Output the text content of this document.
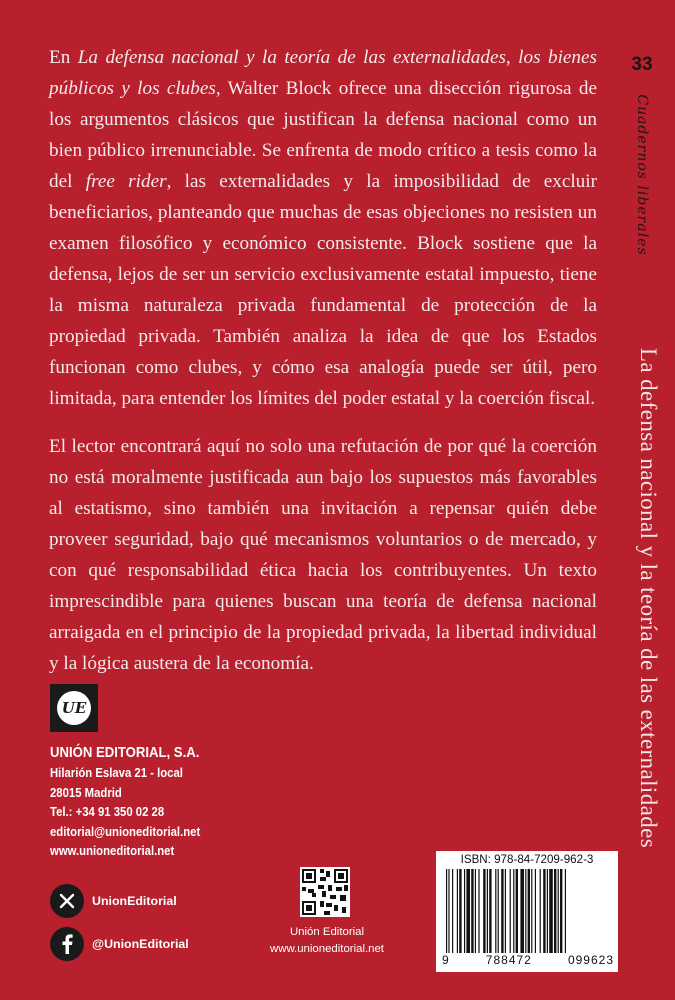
En La defensa nacional y la teoría de las externalidades, los bienes públicos y los clubes, Walter Block ofrece una disección rigurosa de los argumentos clásicos que justifican la defensa nacional como un bien público irrenunciable. Se enfrenta de modo crítico a tesis como la del free rider, las externalidades y la imposibilidad de excluir beneficiarios, planteando que muchas de esas objeciones no resisten un examen filosófico y económico consistente. Block sostiene que la defensa, lejos de ser un servicio exclusivamente estatal impuesto, tiene la misma naturaleza privada fundamental de protección de la propiedad privada. También analiza la idea de que los Estados funcionan como clubes, y cómo esa analogía puede ser útil, pero limitada, para entender los límites del poder estatal y la coerción fiscal.

El lector encontrará aquí no solo una refutación de por qué la coerción no está moralmente justificada aun bajo los supuestos más favorables al estatismo, sino también una invitación a repensar quién debe proveer seguridad, bajo qué mecanismos voluntarios o de mercado, y con qué responsabilidad ética hacia los contribuyentes. Un texto imprescindible para quienes buscan una teoría de defensa nacional arraigada en el principio de la propiedad privada, la libertad individual y la lógica austera de la economía.

33
Cuadernos liberales
La defensa nacional y la teoría de las externalidades
UE
UNIÓN EDITORIAL, S.A.
Hilarión Eslava 21 - local
28015 Madrid
Tel.: +34 91 350 02 28
editorial@unioneditorial.net
www.unioneditorial.net
UnionEditorial
@UnionEditorial
Unión Editorial
www.unioneditorial.net
ISBN: 978-84-7209-962-3
9	788472	099623
